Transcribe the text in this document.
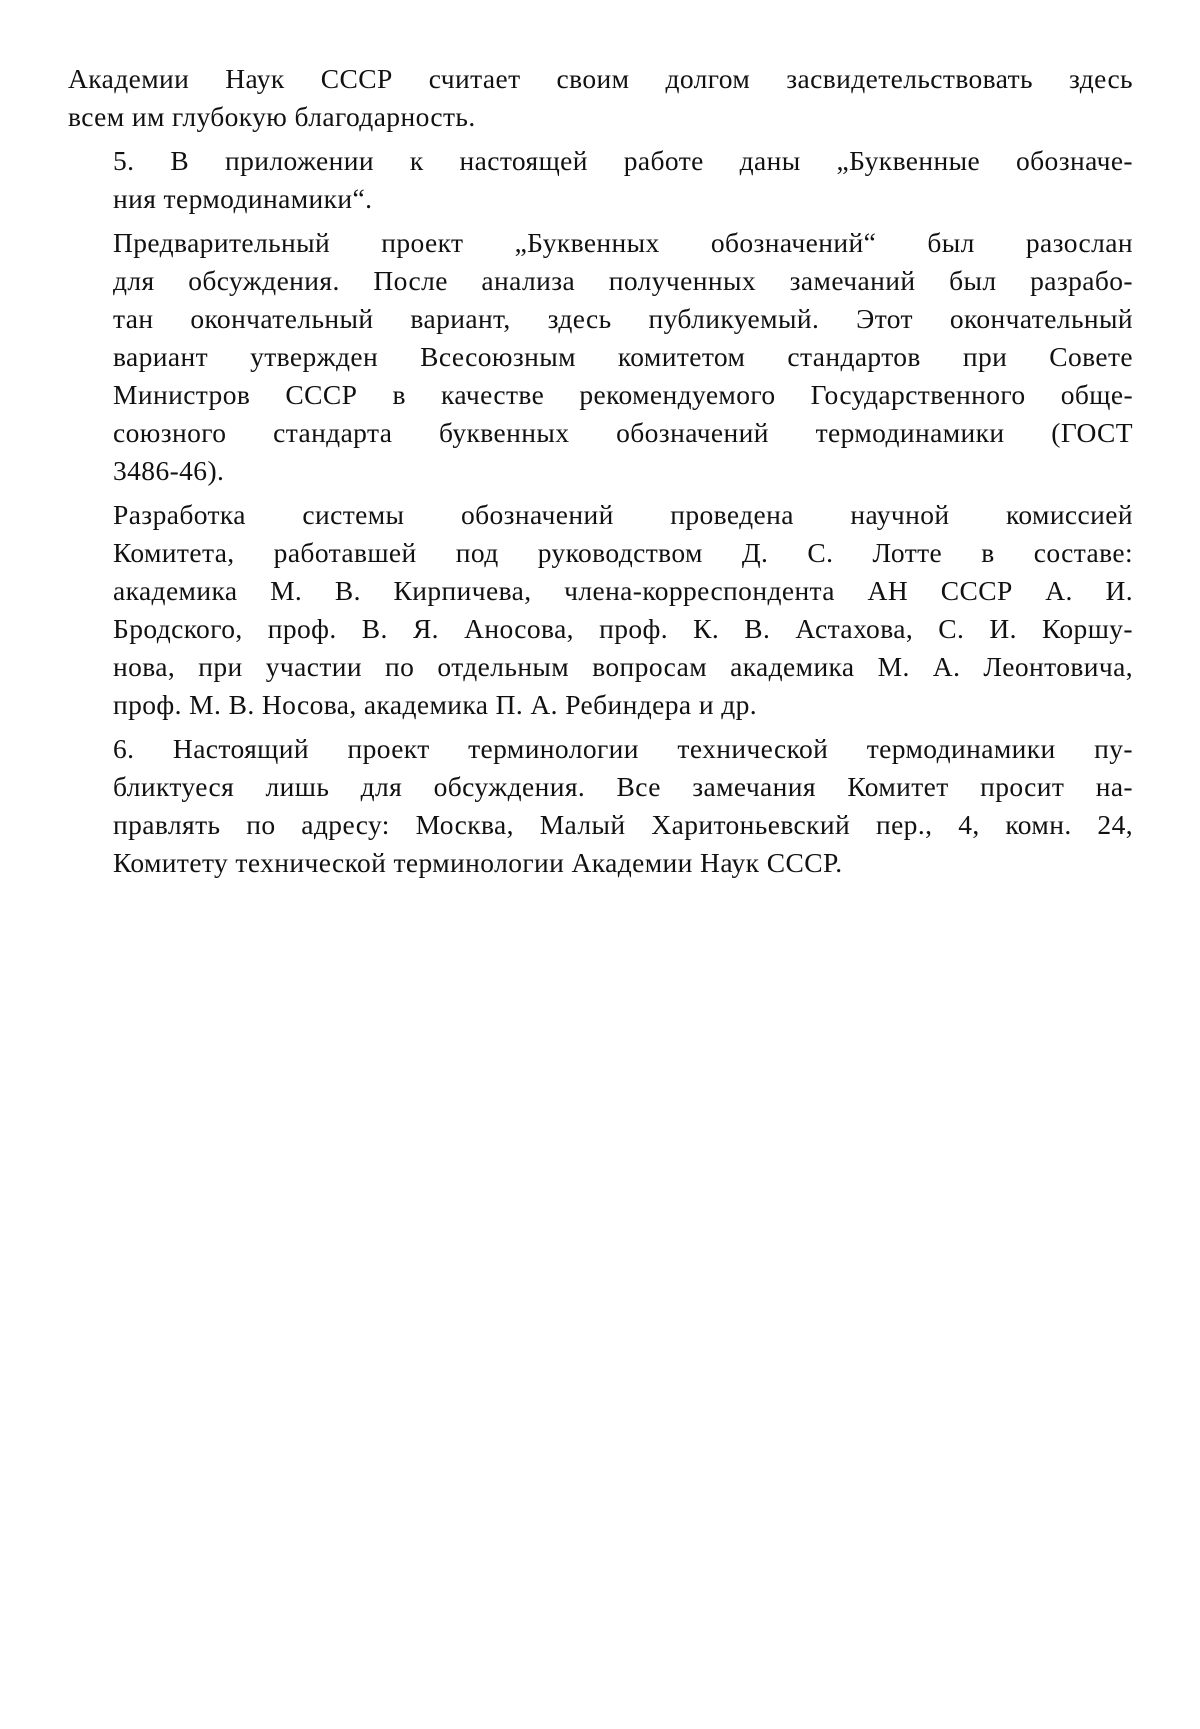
Академии Наук СССР считает своим долгом засвидетельствовать здесь
всем им глубокую благодарность.

5. В приложении к настоящей работе даны „Буквенные обозначе-
ния термодинамики“.

Предварительный проект „Буквенных обозначений“ был разослан
для обсуждения. После анализа полученных замечаний был разрабо-
тан окончательный вариант, здесь публикуемый. Этот окончательный
вариант утвержден Всесоюзным комитетом стандартов при Совете
Министров СССР в качестве рекомендуемого Государственного обще-
союзного стандарта буквенных обозначений термодинамики (ГОСТ
3486-46).

Разработка системы обозначений проведена научной комиссией
Комитета, работавшей под руководством Д. С. Лотте в составе:
академика М. В. Кирпичева, члена-корреспондента АН СССР А. И.
Бродского, проф. В. Я. Аносова, проф. К. В. Астахова, С. И. Коршу-
нова, при участии по отдельным вопросам академика М. А. Леонтовича,
проф. М. В. Носова, академика П. А. Ребиндера и др.

6. Настоящий проект терминологии технической термодинамики пу-
бликтуеся лишь для обсуждения. Все замечания Комитет просит на-
правлять по адресу: Москва, Малый Харитоньевский пер., 4, комн. 24,
Комитету технической терминологии Академии Наук СССР.
